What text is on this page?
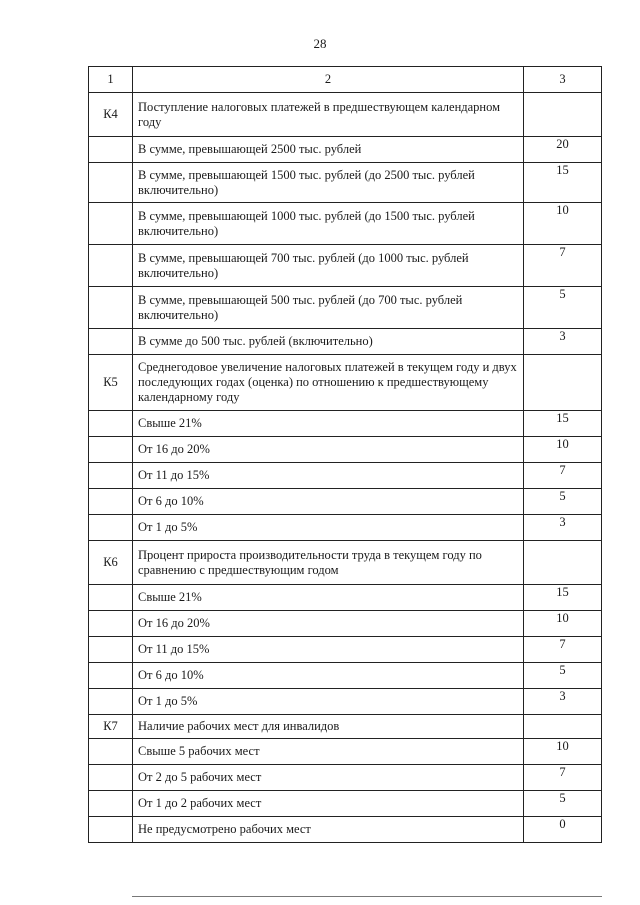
28
1	2	3
К4	Поступление налоговых платежей в предшествующем календарном году	
	В сумме, превышающей 2500 тыс. рублей	20
	В сумме, превышающей 1500 тыс. рублей (до 2500 тыс. рублей включительно)	15
	В сумме, превышающей 1000 тыс. рублей (до 1500 тыс. рублей включительно)	10
	В сумме, превышающей 700 тыс. рублей (до 1000 тыс. рублей включительно)	7
	В сумме, превышающей 500 тыс. рублей (до 700 тыс. рублей включительно)	5
	В сумме до 500 тыс. рублей (включительно)	3
К5	Среднегодовое увеличение налоговых платежей в текущем году и двух последующих годах (оценка) по отношению к предшествующему календарному году	
	Свыше 21%	15
	От 16 до 20%	10
	От 11 до 15%	7
	От 6 до 10%	5
	От 1 до 5%	3
К6	Процент прироста производительности труда в текущем году по сравнению с предшествующим годом	
	Свыше 21%	15
	От 16 до 20%	10
	От 11 до 15%	7
	От 6 до 10%	5
	От 1 до 5%	3
К7	Наличие рабочих мест для инвалидов	
	Свыше 5 рабочих мест	10
	От 2 до 5 рабочих мест	7
	От 1 до 2 рабочих мест	5
	Не предусмотрено рабочих мест	0
